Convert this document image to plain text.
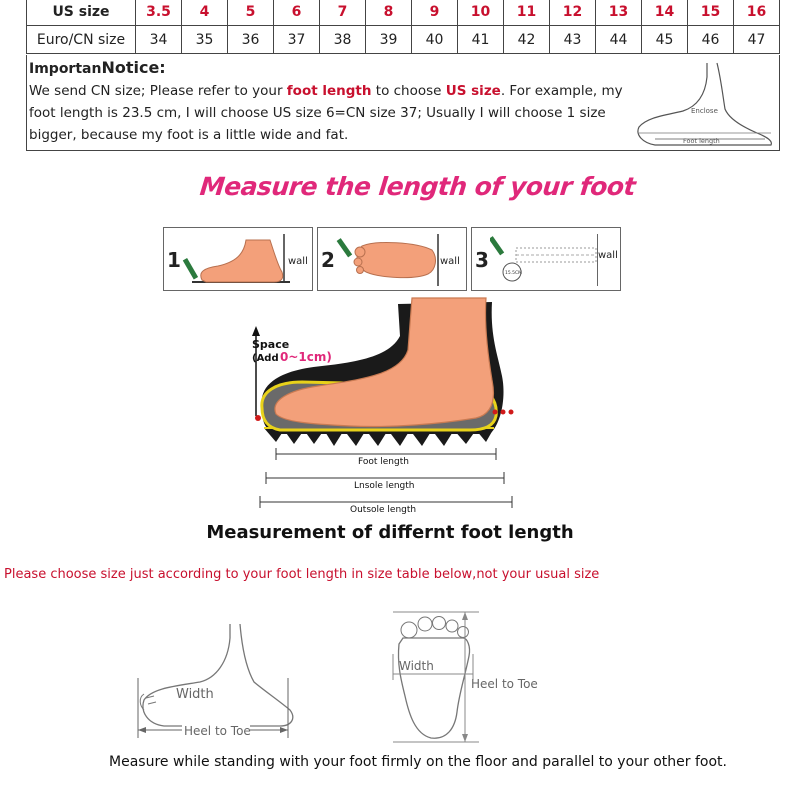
US size	3.5	4	5	6	7	8	9	10	11	12	13	14	15	16
Euro/CN size	34	35	36	37	38	39	40	41	42	43	44	45	46	47
ImportanNotice:
We send CN size; Please refer to your foot length to choose US size. For example, my foot length is 23.5 cm, I will choose US size 6=CN size 37; Usually I will choose 1 size bigger, because my foot is a little wide and fat.
Enclose
Foot length
Measure the length of your foot
1	wall 2	wall 3
15.5CM
wall
Space
(Add 0~1cm)
Foot length
Lnsole length
Outsole length
Measurement of differnt foot length
Please choose size just according to your foot length in size table below,not your usual size
Width
Heel to Toe
Width
Heel to Toe
Measure while standing with your foot firmly on the floor and parallel to your other foot.
